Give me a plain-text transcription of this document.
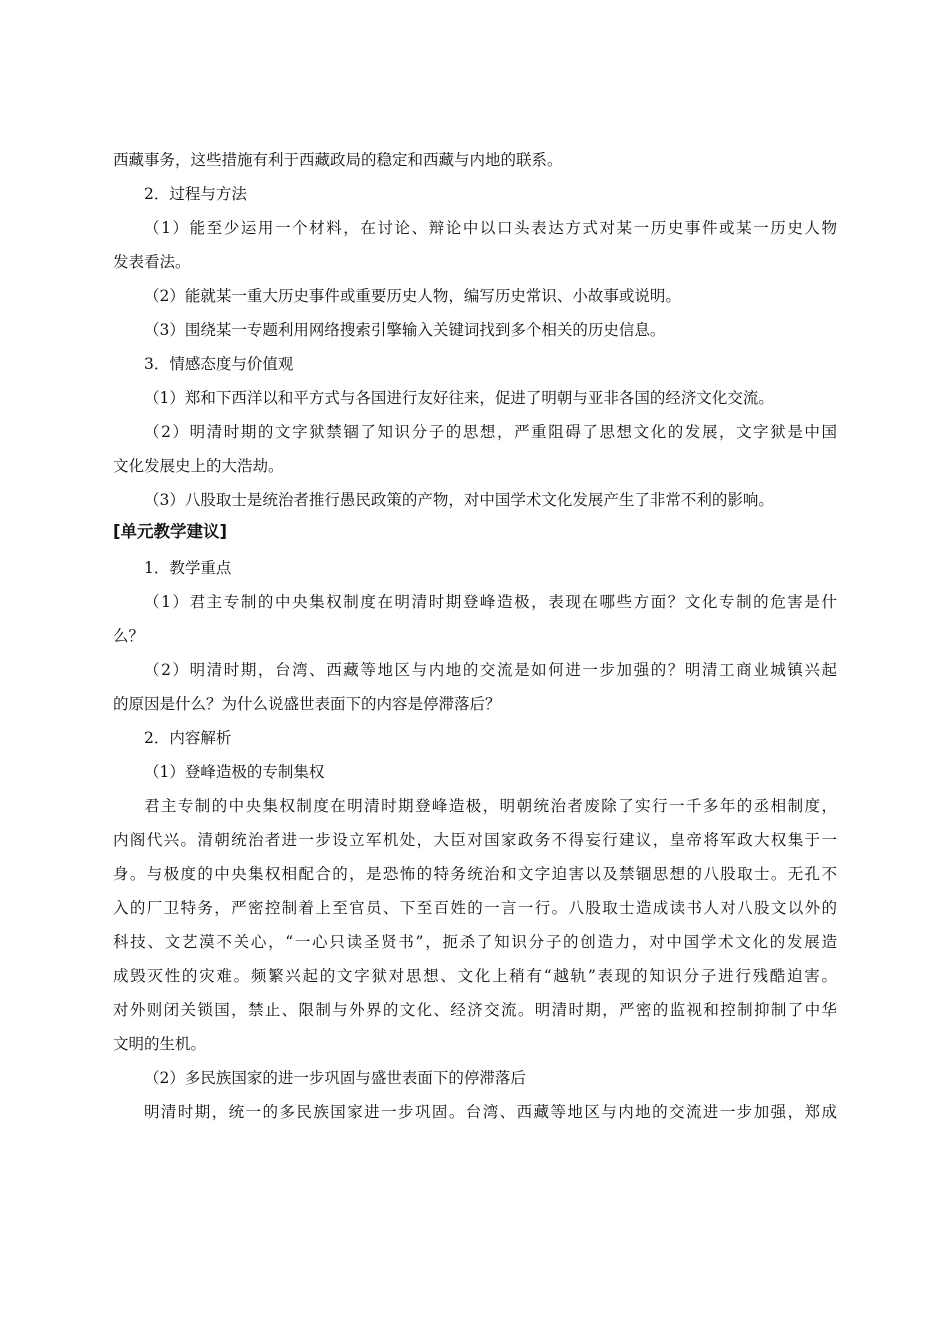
西藏事务，这些措施有利于西藏政局的稳定和西藏与内地的联系。
2．过程与方法
（1）能至少运用一个材料，在讨论、辩论中以口头表达方式对某一历史事件或某一历史人物
发表看法。
（2）能就某一重大历史事件或重要历史人物，编写历史常识、小故事或说明。
（3）围绕某一专题利用网络搜索引擎输入关键词找到多个相关的历史信息。
3．情感态度与价值观
（1）郑和下西洋以和平方式与各国进行友好往来，促进了明朝与亚非各国的经济文化交流。
（2）明清时期的文字狱禁锢了知识分子的思想，严重阻碍了思想文化的发展，文字狱是中国
文化发展史上的大浩劫。
（3）八股取士是统治者推行愚民政策的产物，对中国学术文化发展产生了非常不利的影响。
[单元教学建议]
1．教学重点
（1）君主专制的中央集权制度在明清时期登峰造极，表现在哪些方面？文化专制的危害是什
么？
（2）明清时期，台湾、西藏等地区与内地的交流是如何进一步加强的？明清工商业城镇兴起
的原因是什么？为什么说盛世表面下的内容是停滞落后？
2．内容解析
（1）登峰造极的专制集权
君主专制的中央集权制度在明清时期登峰造极，明朝统治者废除了实行一千多年的丞相制度，
内阁代兴。清朝统治者进一步设立军机处，大臣对国家政务不得妄行建议，皇帝将军政大权集于一
身。与极度的中央集权相配合的，是恐怖的特务统治和文字迫害以及禁锢思想的八股取士。无孔不
入的厂卫特务，严密控制着上至官员、下至百姓的一言一行。八股取士造成读书人对八股文以外的
科技、文艺漠不关心，“一心只读圣贤书”，扼杀了知识分子的创造力，对中国学术文化的发展造
成毁灭性的灾难。频繁兴起的文字狱对思想、文化上稍有“越轨”表现的知识分子进行残酷迫害。
对外则闭关锁国，禁止、限制与外界的文化、经济交流。明清时期，严密的监视和控制抑制了中华
文明的生机。
（2）多民族国家的进一步巩固与盛世表面下的停滞落后
明清时期，统一的多民族国家进一步巩固。台湾、西藏等地区与内地的交流进一步加强，郑成
